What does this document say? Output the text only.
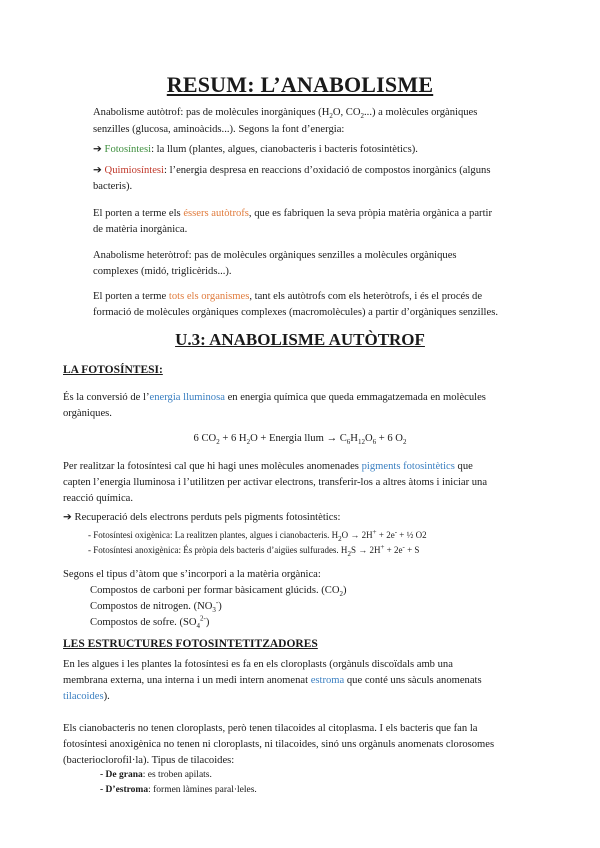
RESUM: L’ANABOLISME
Anabolisme autòtrof: pas de molècules inorgàniques ($H_2O$, $CO_2$...) a molècules orgàniques
senzilles (glucosa, aminoàcids...). Segons la font d’energia:
➔ Fotosíntesi: la llum (plantes, algues, cianobacteris i bacteris fotosintètics).
➔ Quimiosíntesi: l’energia despresa en reaccions d’oxidació de compostos inorgànics (alguns
bacteris).
El porten a terme els éssers autòtrofs, que es fabriquen la seva pròpia matèria orgànica a partir
de matèria inorgànica.
Anabolisme heteròtrof: pas de molècules orgàniques senzilles a molècules orgàniques
complexes (midó, triglicèrids...).
El porten a terme tots els organismes, tant els autòtrofs com els heteròtrofs, i és el procés de
formació de molècules orgàniques complexes (macromolècules) a partir d’orgàniques senzilles.
U.3: ANABOLISME AUTÒTROF
LA FOTOSÍNTESI:
És la conversió de l’energia lluminosa en energia química que queda emmagatzemada en molècules
orgàniques.
6 $CO_2 + 6$ $H_2O$ + Energia llum → $C_6H_{12}O_6 + 6$ $O_2$
Per realitzar la fotosíntesi cal que hi hagi unes molècules anomenades pigments fotosintètics que
capten l’energia lluminosa i l’utilitzen per activar electrons, transferir-los a altres àtoms i iniciar una
reacció química.
➔ Recuperació dels electrons perduts pels pigments fotosintètics:
- Fotosíntesi oxigènica: La realitzen plantes, algues i cianobacteris. $H_2O \to 2H^+ + 2e^-$ + ½ O2
- Fotosíntesi anoxigènica: És pròpia dels bacteris d’aigües sulfurades. $H_2S \to 2H^+ + 2e^- + S$
Segons el tipus d’àtom que s’incorpori a la matèria orgànica:
Compostos de carboni per formar bàsicament glúcids. $(CO_2)$
Compostos de nitrogen. $(NO_3^-)$
Compostos de sofre. $(SO_4^{2-})$
LES ESTRUCTURES FOTOSINTETITZADORES
En les algues i les plantes la fotosíntesi es fa en els cloroplasts (orgànuls discoïdals amb una
membrana externa, una interna i un medi intern anomenat estroma que conté uns sàculs anomenats
tilacoides).
Els cianobacteris no tenen cloroplasts, però tenen tilacoides al citoplasma. I els bacteris que fan la
fotosíntesi anoxigènica no tenen ni cloroplasts, ni tilacoides, sinó uns orgànuls anomenats clorosomes
(bacterioclorofil·la). Tipus de tilacoides:
- De grana: es troben apilats.
- D’estroma: formen làmines paral·leles.
